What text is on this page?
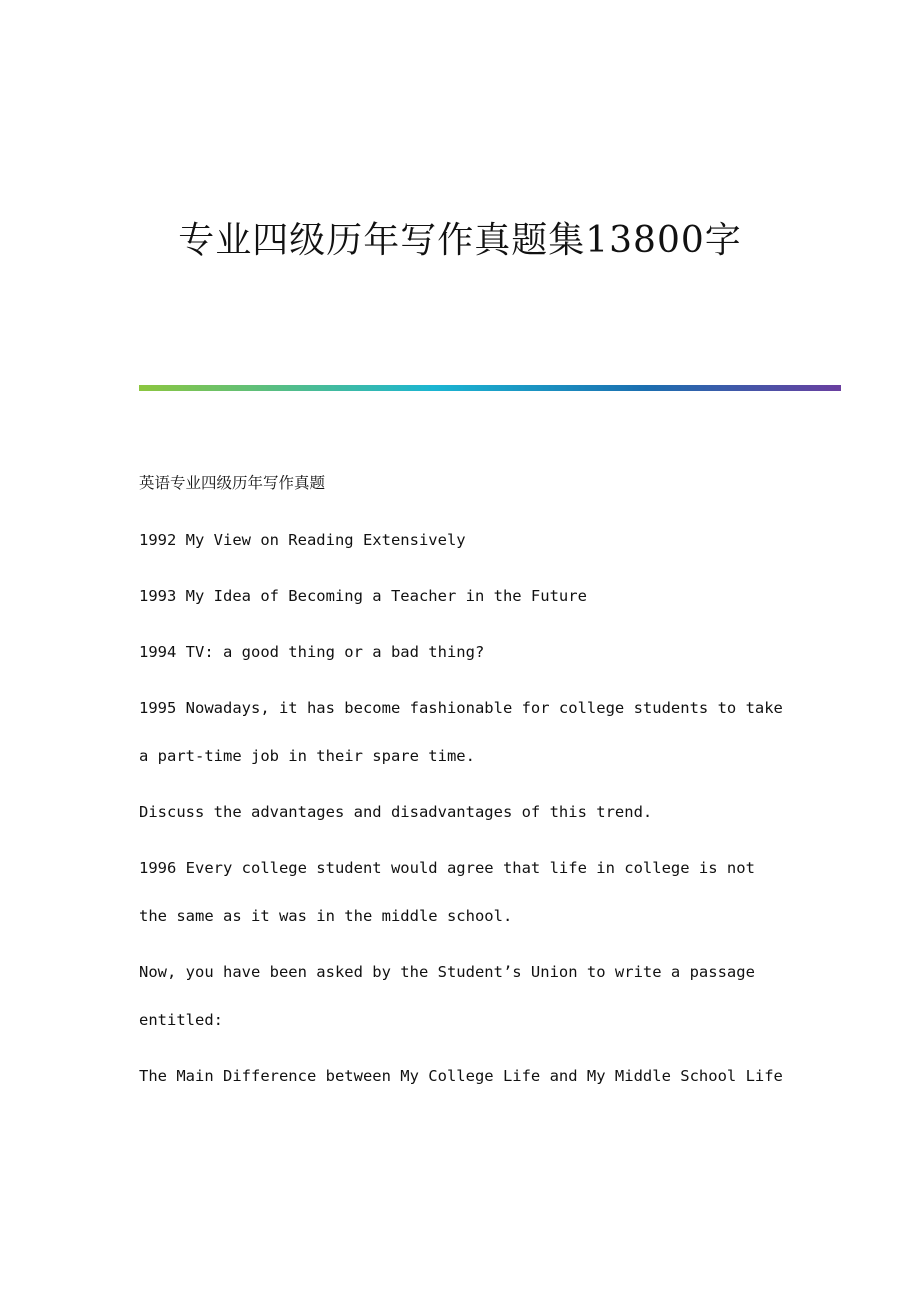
专业四级历年写作真题集13800字

英语专业四级历年写作真题

1992 My View on Reading Extensively

1993 My Idea of Becoming a Teacher in the Future

1994 TV: a good thing or a bad thing?

1995 Nowadays, it has become fashionable for college students to take

a part-time job in their spare time.

Discuss the advantages and disadvantages of this trend.

1996 Every college student would agree that life in college is not

the same as it was in the middle school.

Now, you have been asked by the Student’s Union to write a passage

entitled:

The Main Difference between My College Life and My Middle School Life
